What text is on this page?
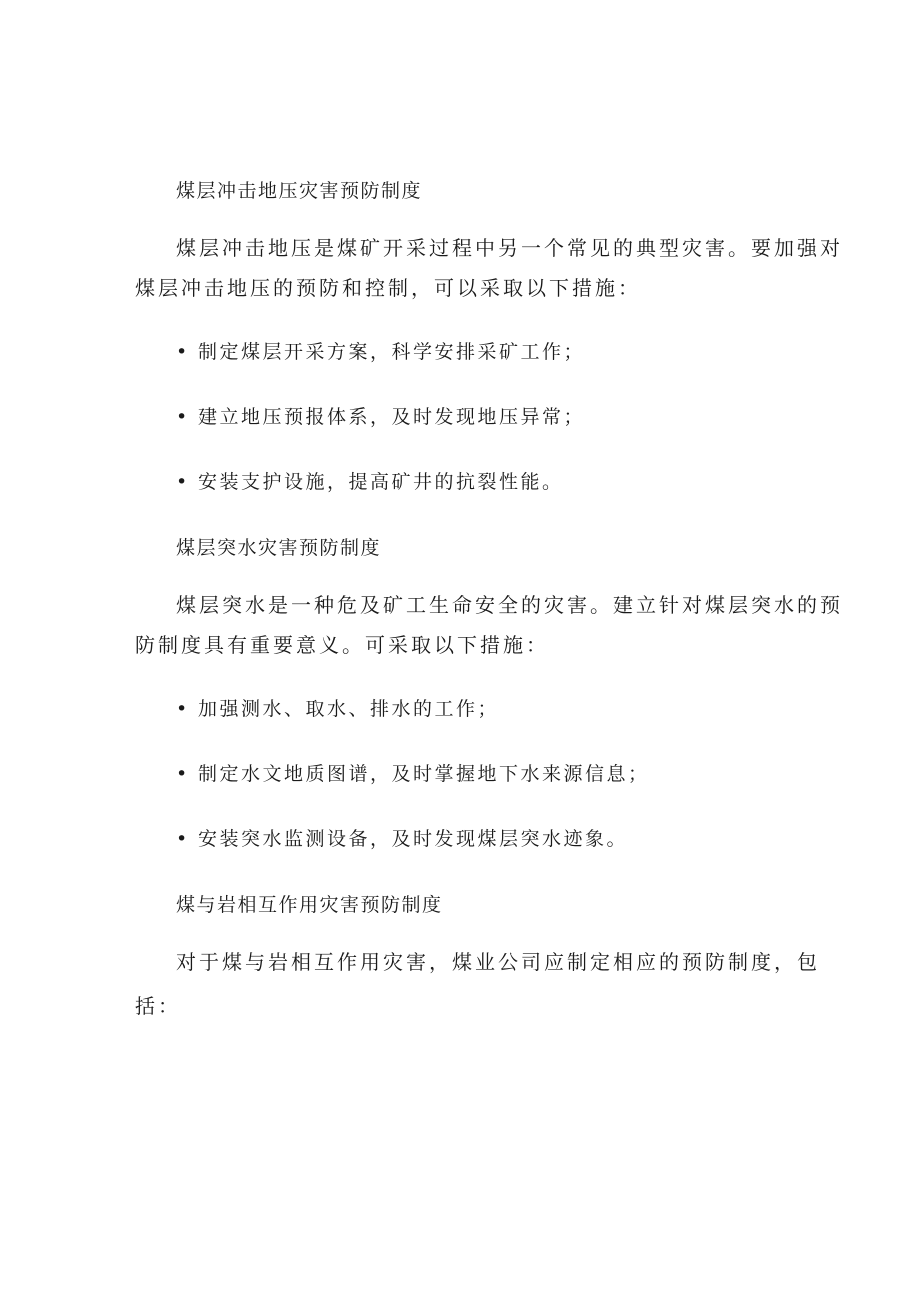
煤层冲击地压灾害预防制度
煤层冲击地压是煤矿开采过程中另一个常见的典型灾害。要加强对
煤层冲击地压的预防和控制，可以采取以下措施：
• 制定煤层开采方案，科学安排采矿工作；
• 建立地压预报体系，及时发现地压异常；
• 安装支护设施，提高矿井的抗裂性能。
煤层突水灾害预防制度
煤层突水是一种危及矿工生命安全的灾害。建立针对煤层突水的预
防制度具有重要意义。可采取以下措施：
• 加强测水、取水、排水的工作；
• 制定水文地质图谱，及时掌握地下水来源信息；
• 安装突水监测设备，及时发现煤层突水迹象。
煤与岩相互作用灾害预防制度
对于煤与岩相互作用灾害，煤业公司应制定相应的预防制度，包
括：
